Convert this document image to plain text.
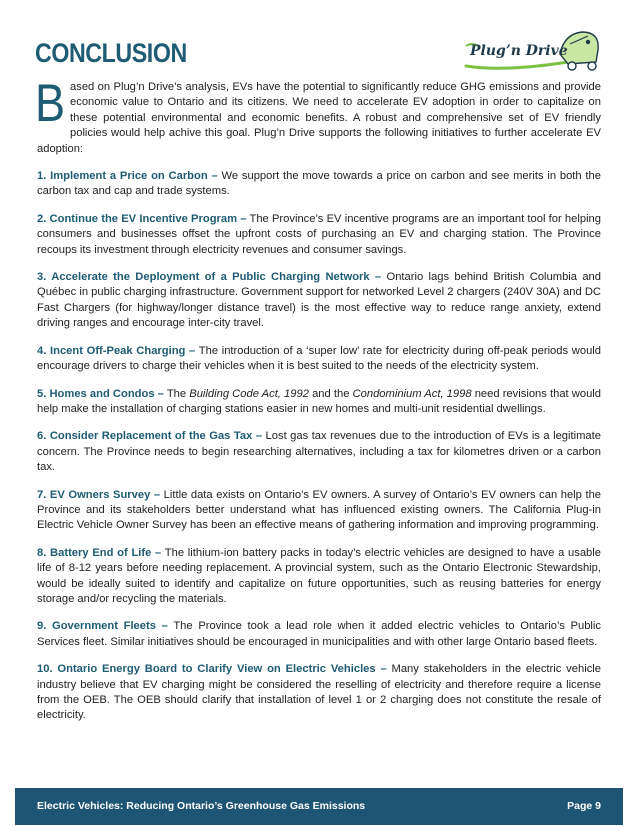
CONCLUSION	Plug’n Drive

Based on Plug’n Drive’s analysis, EVs have the potential to significantly reduce GHG emissions and provide economic value to Ontario and its citizens. We need to accelerate EV adoption in order to capitalize on these potential environmental and economic benefits. A robust and comprehensive set of EV friendly policies would help achive this goal. Plug’n Drive supports the following initiatives to further accelerate EV adoption:

1. Implement a Price on Carbon – We support the move towards a price on carbon and see merits in both the carbon tax and cap and trade systems.

2. Continue the EV Incentive Program – The Province’s EV incentive programs are an important tool for helping consumers and businesses offset the upfront costs of purchasing an EV and charging station. The Province recoups its investment through electricity revenues and consumer savings.

3. Accelerate the Deployment of a Public Charging Network – Ontario lags behind British Columbia and Québec in public charging infrastructure. Government support for networked Level 2 chargers (240V 30A) and DC Fast Chargers (for highway/longer distance travel) is the most effective way to reduce range anxiety, extend driving ranges and encourage inter-city travel.

4. Incent Off-Peak Charging – The introduction of a ‘super low’ rate for electricity during off-peak periods would encourage drivers to charge their vehicles when it is best suited to the needs of the electricity system.

5. Homes and Condos – The Building Code Act, 1992 and the Condominium Act, 1998 need revisions that would help make the installation of charging stations easier in new homes and multi-unit residential dwellings.

6. Consider Replacement of the Gas Tax – Lost gas tax revenues due to the introduction of EVs is a legitimate concern. The Province needs to begin researching alternatives, including a tax for kilometres driven or a carbon tax.

7. EV Owners Survey – Little data exists on Ontario’s EV owners. A survey of Ontario’s EV owners can help the Province and its stakeholders better understand what has influenced existing owners. The California Plug-in Electric Vehicle Owner Survey has been an effective means of gathering information and improving programming.

8. Battery End of Life – The lithium-ion battery packs in today’s electric vehicles are designed to have a usable life of 8-12 years before needing replacement. A provincial system, such as the Ontario Electronic Stewardship, would be ideally suited to identify and capitalize on future opportunities, such as reusing batteries for energy storage and/or recycling the materials.

9. Government Fleets – The Province took a lead role when it added electric vehicles to Ontario’s Public Services fleet. Similar initiatives should be encouraged in municipalities and with other large Ontario based fleets.

10. Ontario Energy Board to Clarify View on Electric Vehicles – Many stakeholders in the electric vehicle industry believe that EV charging might be considered the reselling of electricity and therefore require a license from the OEB. The OEB should clarify that installation of level 1 or 2 charging does not constitute the resale of electricity.

Electric Vehicles: Reducing Ontario’s Greenhouse Gas Emissions	Page 9
